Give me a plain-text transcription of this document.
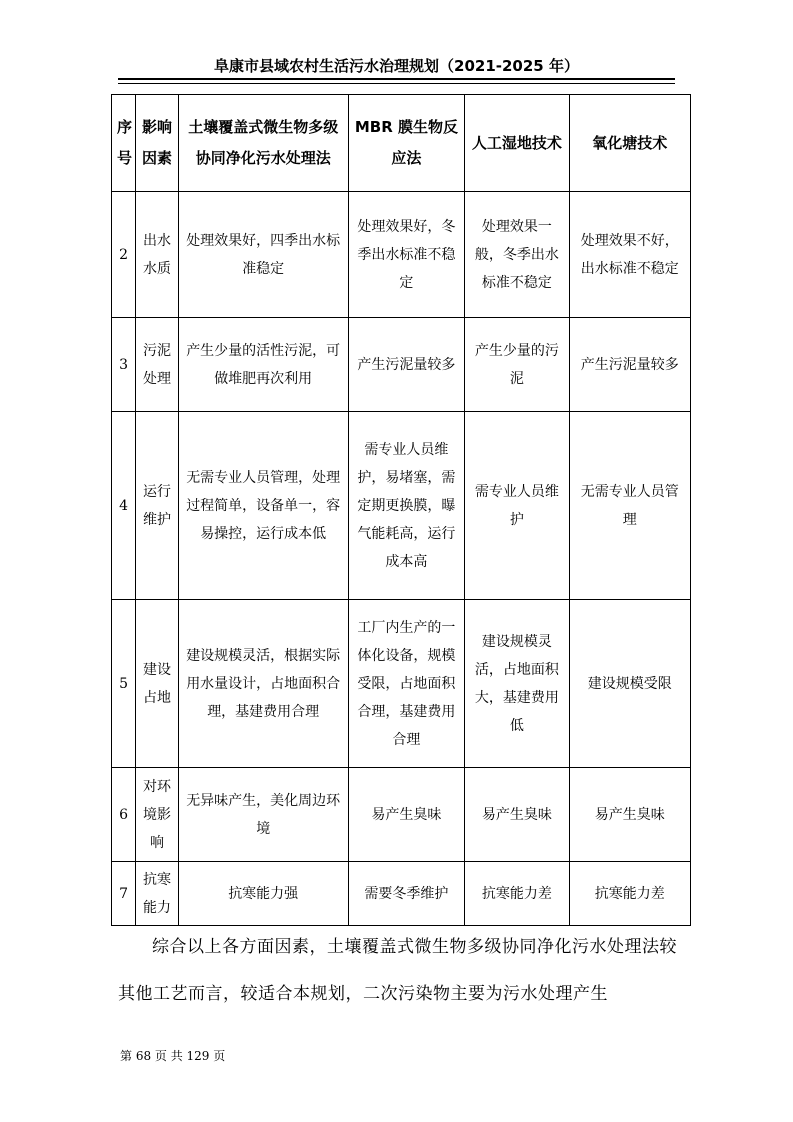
阜康市县域农村生活污水治理规划（2021-2025 年）
序号	影响因素	土壤覆盖式微生物多级协同净化污水处理法	MBR 膜生物反应法	人工湿地技术	氧化塘技术
2	出水水质	处理效果好，四季出水标准稳定	处理效果好，冬季出水标准不稳定	处理效果一般，冬季出水标准不稳定	处理效果不好，出水标准不稳定
3	污泥处理	产生少量的活性污泥，可做堆肥再次利用	产生污泥量较多	产生少量的污泥	产生污泥量较多
4	运行维护	无需专业人员管理，处理过程简单，设备单一，容易操控，运行成本低	需专业人员维护，易堵塞，需定期更换膜，曝气能耗高，运行成本高	需专业人员维护	无需专业人员管理
5	建设占地	建设规模灵活，根据实际用水量设计，占地面积合理，基建费用合理	工厂内生产的一体化设备，规模受限，占地面积合理，基建费用合理	建设规模灵活，占地面积大，基建费用低	建设规模受限
6	对环境影响	无异味产生，美化周边环境	易产生臭味	易产生臭味	易产生臭味
7	抗寒能力	抗寒能力强	需要冬季维护	抗寒能力差	抗寒能力差
综合以上各方面因素，土壤覆盖式微生物多级协同净化污水处理法较其他工艺而言，较适合本规划，二次污染物主要为污水处理产生
第 68 页 共 129 页
